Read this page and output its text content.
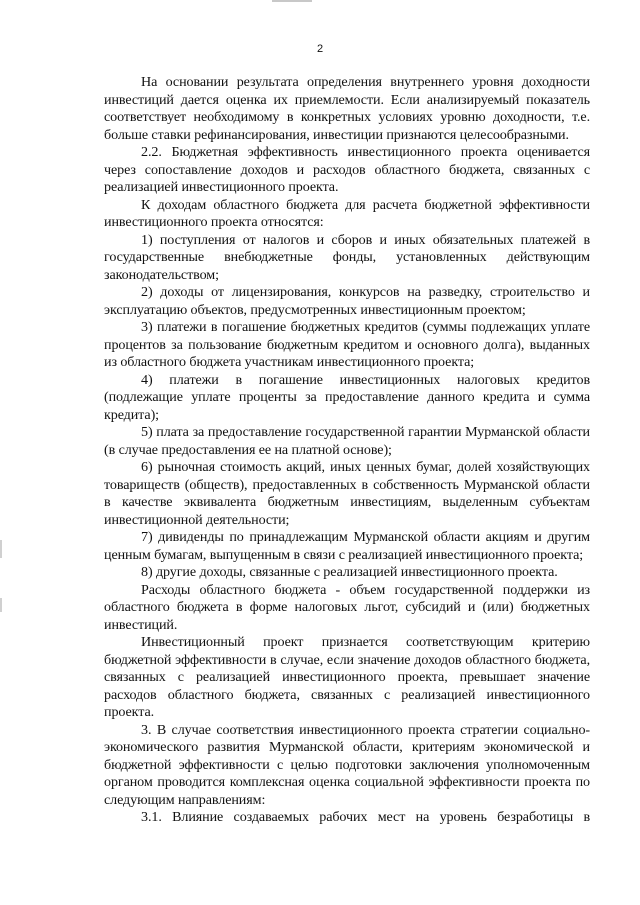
2

На основании результата определения внутреннего уровня доходности инвестиций дается оценка их приемлемости. Если анализируемый показатель соответствует необходимому в конкретных условиях уровню доходности, т.е. больше ставки рефинансирования, инвестиции признаются целесообразными.

2.2. Бюджетная эффективность инвестиционного проекта оценивается через сопоставление доходов и расходов областного бюджета, связанных с реализацией инвестиционного проекта.

К доходам областного бюджета для расчета бюджетной эффективности инвестиционного проекта относятся:

1) поступления от налогов и сборов и иных обязательных платежей в государственные внебюджетные фонды, установленных действующим законодательством;

2) доходы от лицензирования, конкурсов на разведку, строительство и эксплуатацию объектов, предусмотренных инвестиционным проектом;

3) платежи в погашение бюджетных кредитов (суммы подлежащих уплате процентов за пользование бюджетным кредитом и основного долга), выданных из областного бюджета участникам инвестиционного проекта;

4) платежи в погашение инвестиционных налоговых кредитов (подлежащие уплате проценты за предоставление данного кредита и сумма кредита);

5) плата за предоставление государственной гарантии Мурманской области (в случае предоставления ее на платной основе);

6) рыночная стоимость акций, иных ценных бумаг, долей хозяйствующих товариществ (обществ), предоставленных в собственность Мурманской области в качестве эквивалента бюджетным инвестициям, выделенным субъектам инвестиционной деятельности;

7) дивиденды по принадлежащим Мурманской области акциям и другим ценным бумагам, выпущенным в связи с реализацией инвестиционного проекта;

8) другие доходы, связанные с реализацией инвестиционного проекта.

Расходы областного бюджета - объем государственной поддержки из областного бюджета в форме налоговых льгот, субсидий и (или) бюджетных инвестиций.

Инвестиционный проект признается соответствующим критерию бюджетной эффективности в случае, если значение доходов областного бюджета, связанных с реализацией инвестиционного проекта, превышает значение расходов областного бюджета, связанных с реализацией инвестиционного проекта.

3. В случае соответствия инвестиционного проекта стратегии социально-экономического развития Мурманской области, критериям экономической и бюджетной эффективности с целью подготовки заключения уполномоченным органом проводится комплексная оценка социальной эффективности проекта по следующим направлениям:

3.1. Влияние создаваемых рабочих мест на уровень безработицы в
